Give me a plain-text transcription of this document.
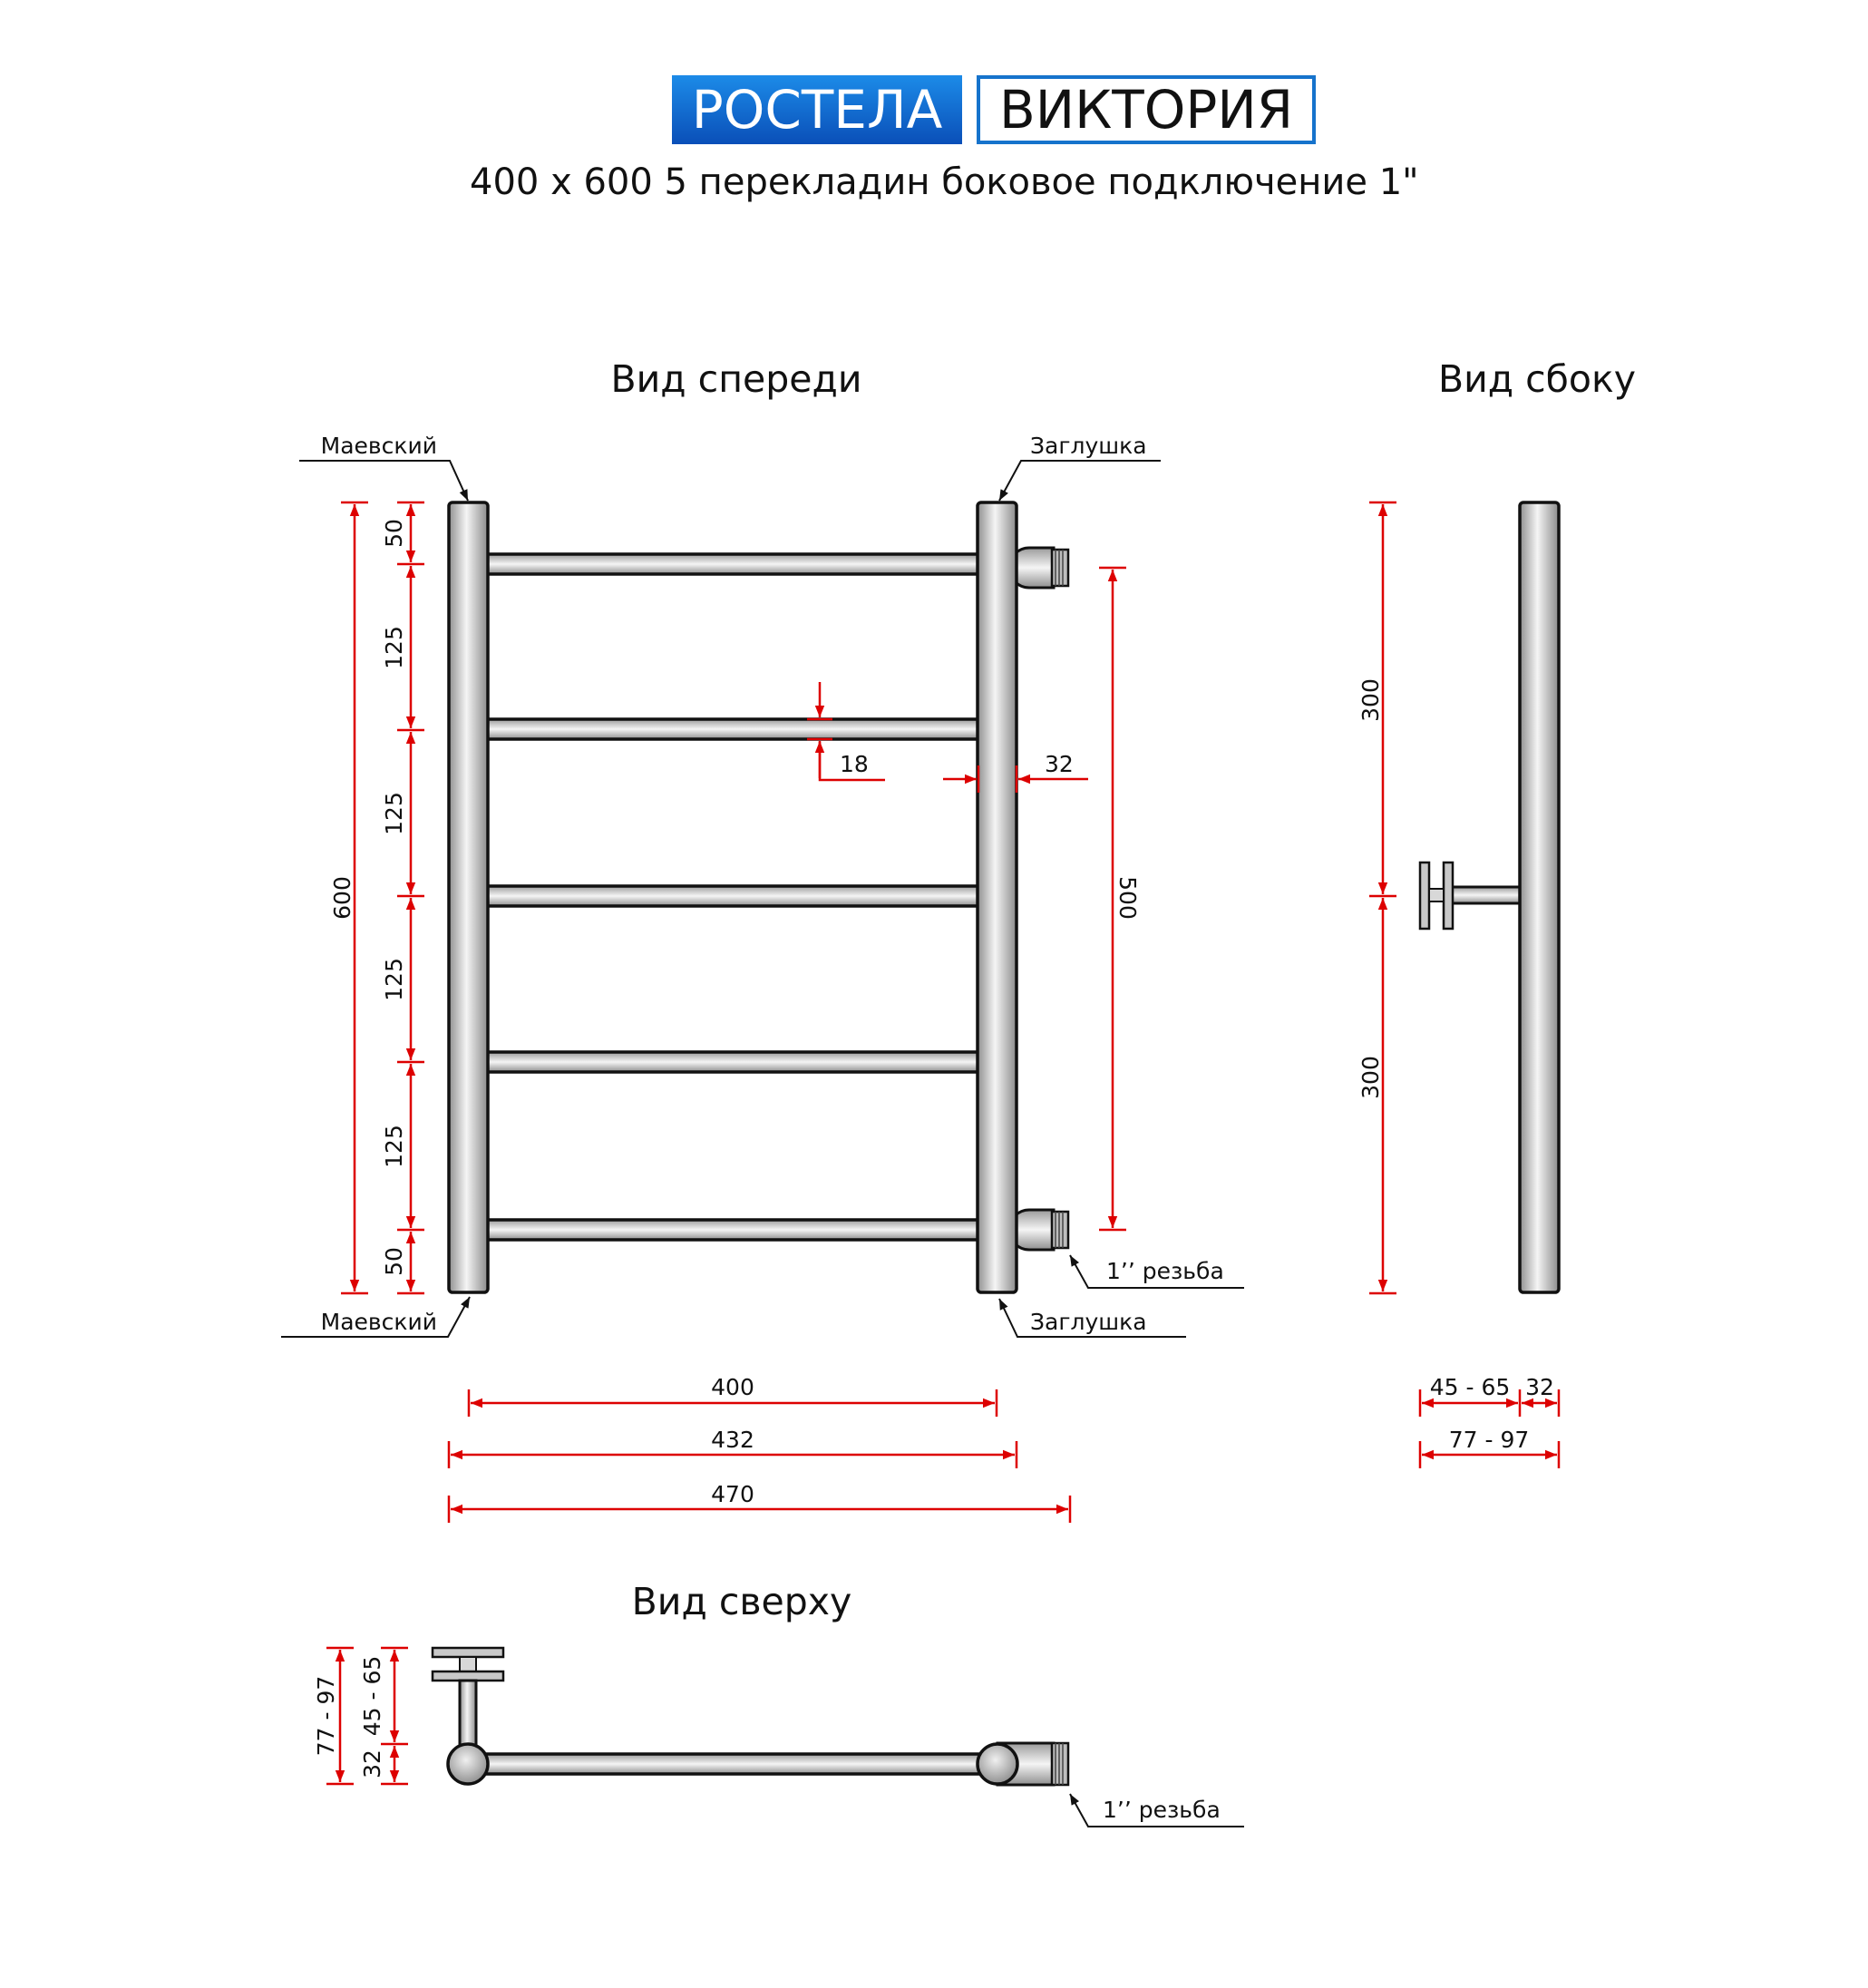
РОСТЕЛА	ВИКТОРИЯ
400 x 600 5 перекладин боковое подключение 1"
Вид спереди	Вид сбоку
Вид сверху
Маевский	Заглушка
Маевский	Заглушка
1’’ резьба
1’’ резьба
600
50
125
125
125
125
50
500
18	32
400
432
470
300
300
45 - 65 32
77 - 97
77 - 97 45 - 65
32
